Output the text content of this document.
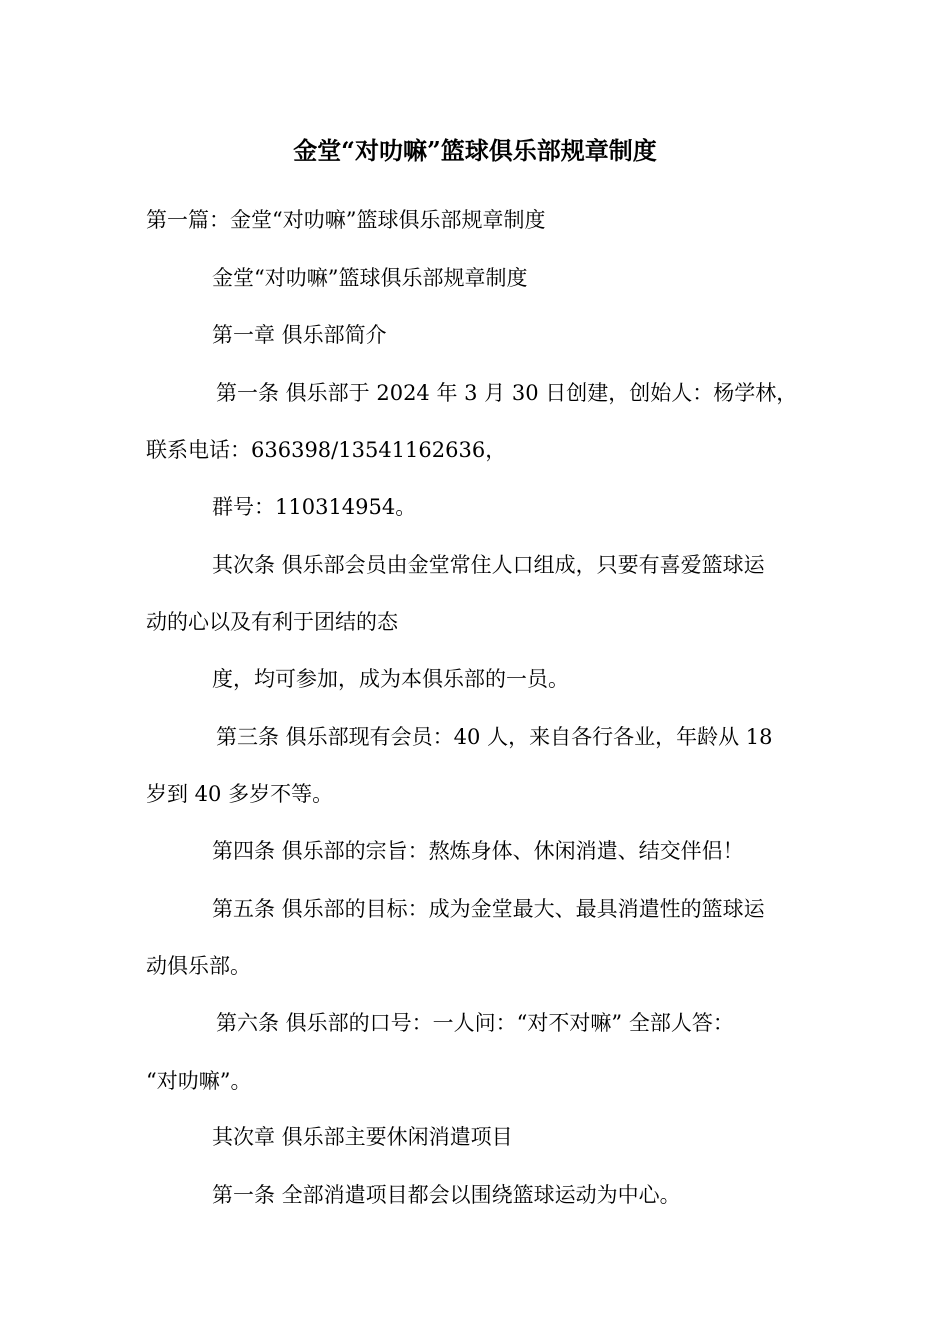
金堂“对叻嘛”篮球俱乐部规章制度
第一篇：金堂“对叻嘛”篮球俱乐部规章制度
金堂“对叻嘛”篮球俱乐部规章制度
第一章 俱乐部简介
第一条 俱乐部于 2024 年 3 月 30 日创建，创始人：杨学林，
联系电话：636398/13541162636，
群号：110314954。
其次条 俱乐部会员由金堂常住人口组成，只要有喜爱篮球运
动的心以及有利于团结的态
度，均可参加，成为本俱乐部的一员。
第三条 俱乐部现有会员：40 人，来自各行各业，年龄从 18
岁到 40 多岁不等。
第四条 俱乐部的宗旨：熬炼身体、休闲消遣、结交伴侣！
第五条 俱乐部的目标：成为金堂最大、最具消遣性的篮球运
动俱乐部。
第六条 俱乐部的口号：一人问：“对不对嘛” 全部人答：
“对叻嘛”。
其次章 俱乐部主要休闲消遣项目
第一条 全部消遣项目都会以围绕篮球运动为中心。
